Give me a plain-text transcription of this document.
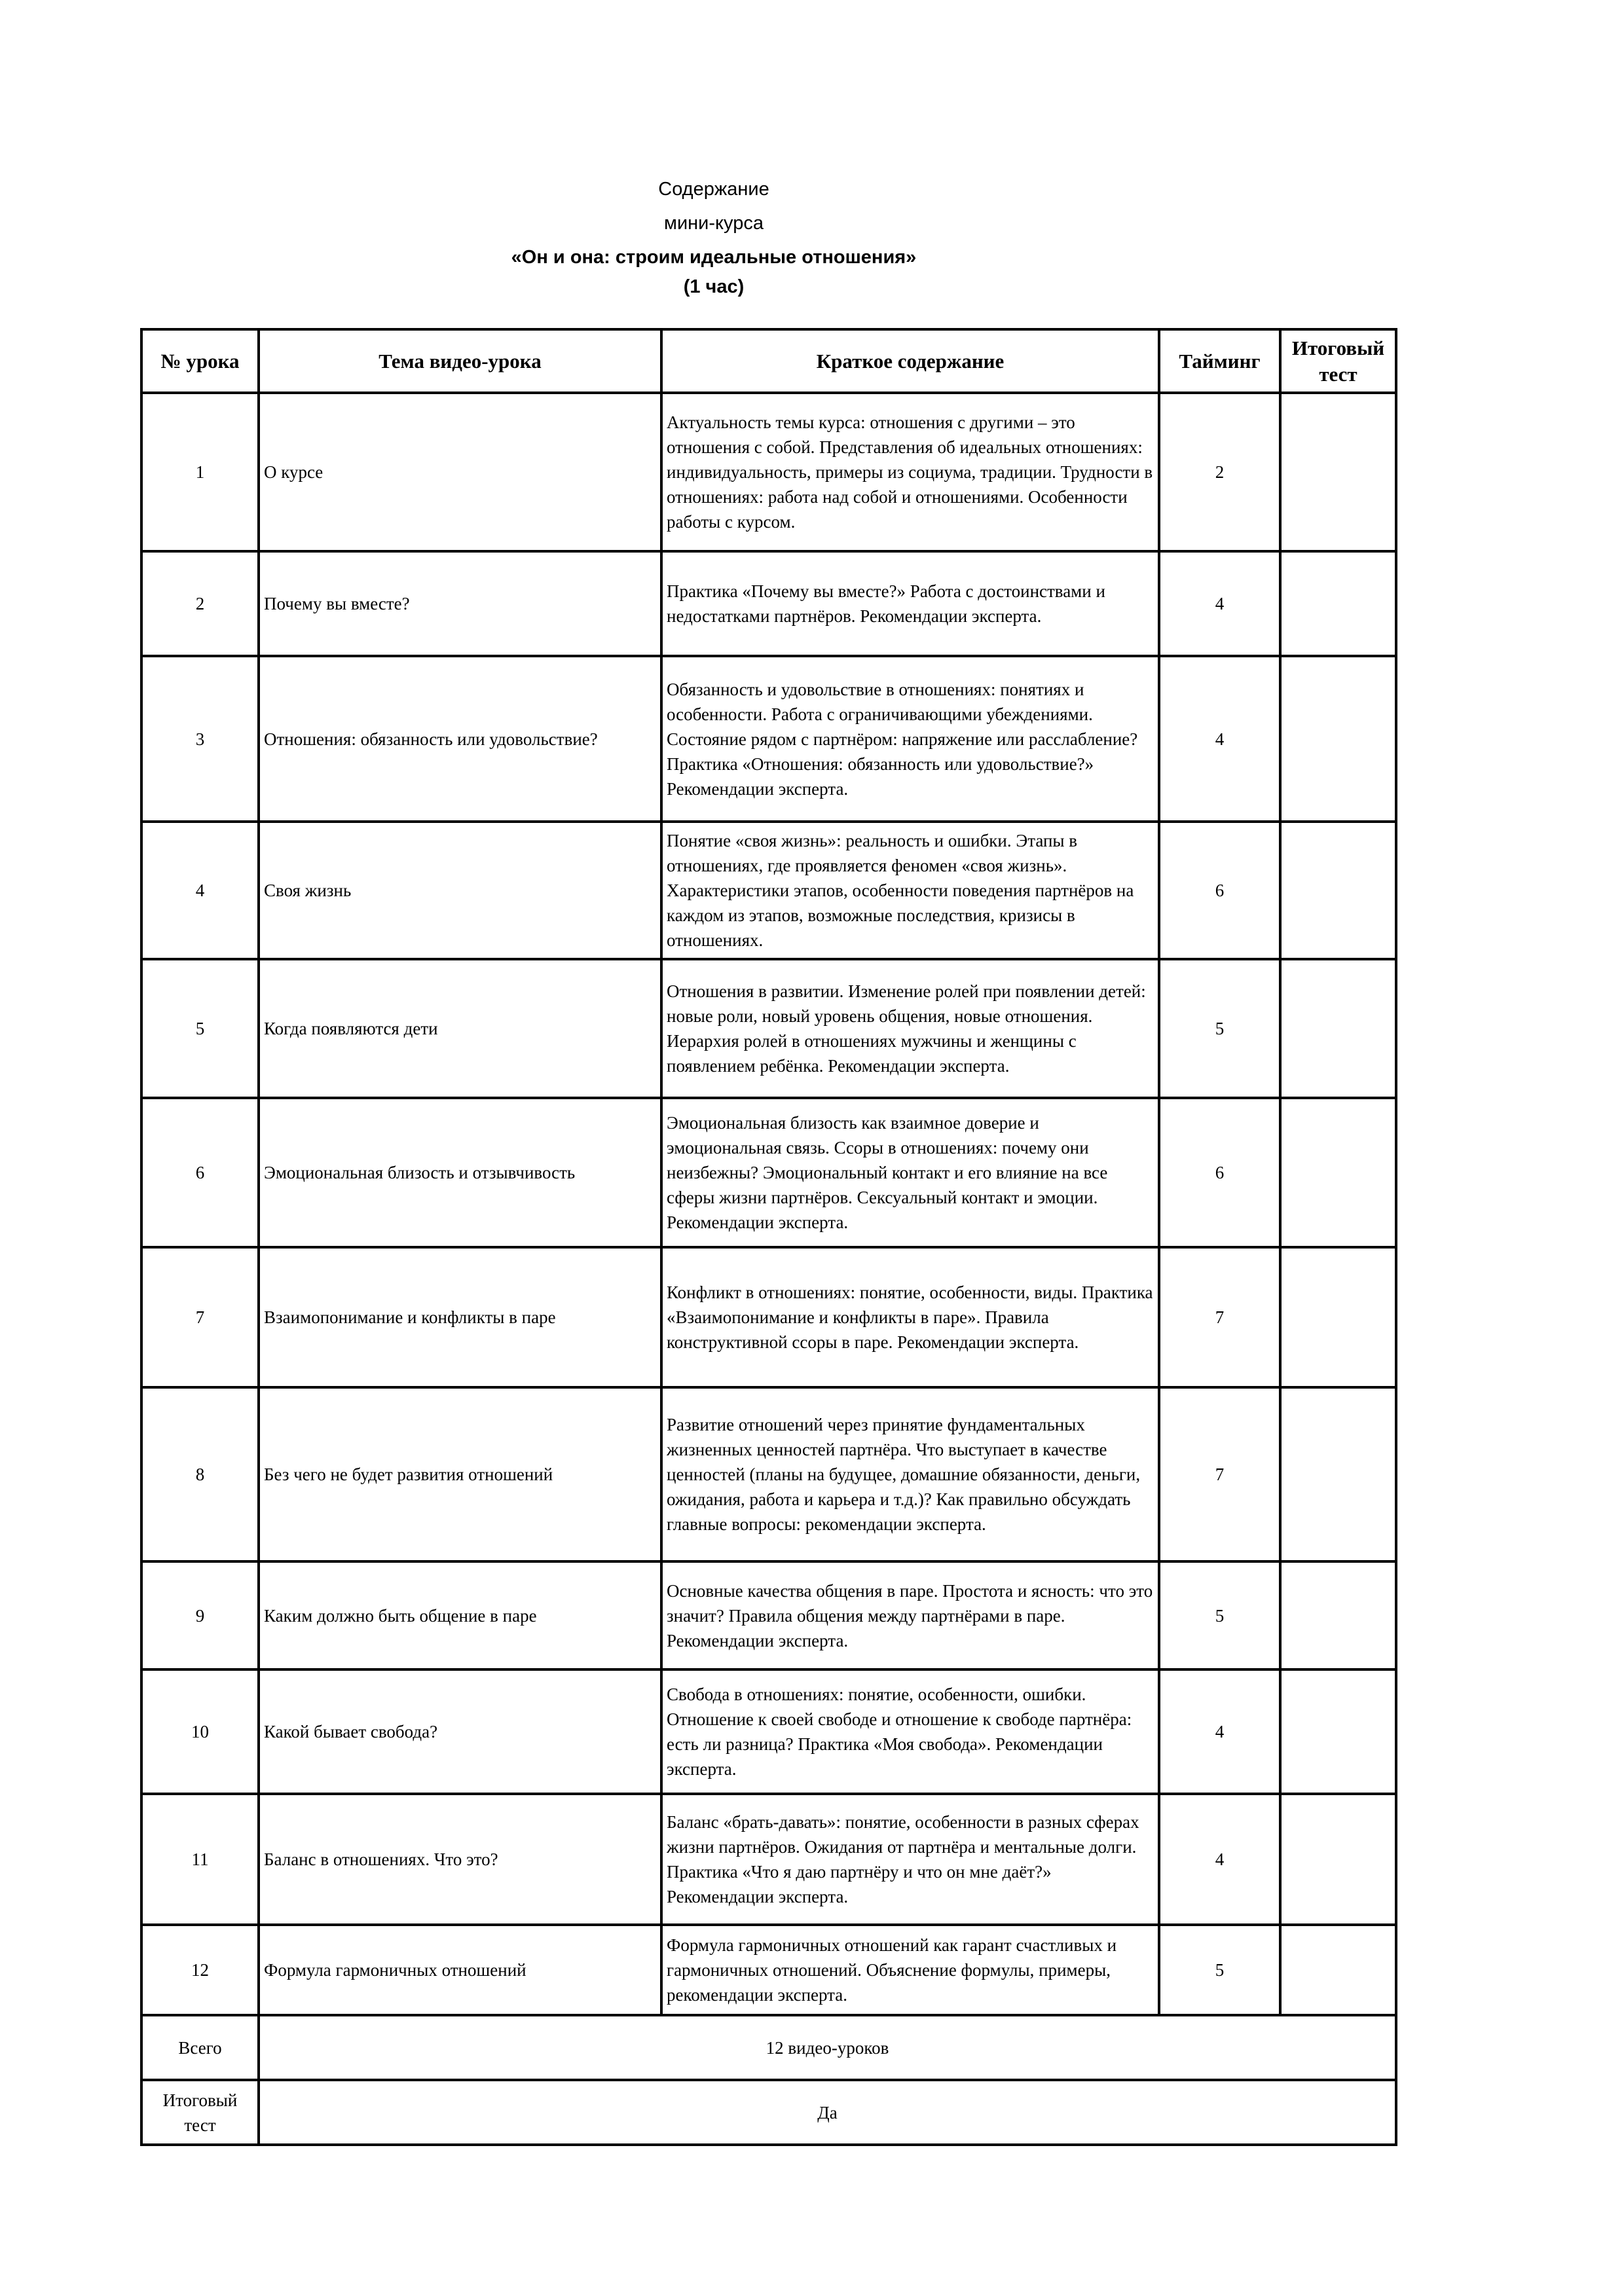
Содержание
мини-курса
«Он и она: строим идеальные отношения»
(1 час)
№ урока	Тема видео-урока	Краткое содержание	Тайминг	Итоговый тест
1	О курсе	Актуальность темы курса: отношения с другими – это отношения с собой. Представления об идеальных отношениях: индивидуальность, примеры из социума, традиции. Трудности в отношениях: работа над собой и отношениями. Особенности работы с курсом.	2	
2	Почему вы вместе?	Практика «Почему вы вместе?» Работа с достоинствами и недостатками партнёров. Рекомендации эксперта.	4	
3	Отношения: обязанность или удовольствие?	Обязанность и удовольствие в отношениях: понятиях и особенности. Работа с ограничивающими убеждениями. Состояние рядом с партнёром: напряжение или расслабление? Практика «Отношения: обязанность или удовольствие?» Рекомендации эксперта.	4	
4	Своя жизнь	Понятие «своя жизнь»: реальность и ошибки. Этапы в отношениях, где проявляется феномен «своя жизнь». Характеристики этапов, особенности поведения партнёров на каждом из этапов, возможные последствия, кризисы в отношениях.	6	
5	Когда появляются дети	Отношения в развитии. Изменение ролей при появлении детей: новые роли, новый уровень общения, новые отношения. Иерархия ролей в отношениях мужчины и женщины с появлением ребёнка. Рекомендации эксперта.	5	
6	Эмоциональная близость и отзывчивость	Эмоциональная близость как взаимное доверие и эмоциональная связь. Ссоры в отношениях: почему они неизбежны? Эмоциональный контакт и его влияние на все сферы жизни партнёров. Сексуальный контакт и эмоции. Рекомендации эксперта.	6	
7	Взаимопонимание и конфликты в паре	Конфликт в отношениях: понятие, особенности, виды. Практика «Взаимопонимание и конфликты в паре». Правила конструктивной ссоры в паре. Рекомендации эксперта.	7	
8	Без чего не будет развития отношений	Развитие отношений через принятие фундаментальных жизненных ценностей партнёра. Что выступает в качестве ценностей (планы на будущее, домашние обязанности, деньги, ожидания, работа и карьера и т.д.)? Как правильно обсуждать главные вопросы: рекомендации эксперта.	7	
9	Каким должно быть общение в паре	Основные качества общения в паре. Простота и ясность: что это значит? Правила общения между партнёрами в паре. Рекомендации эксперта.	5	
10	Какой бывает свобода?	Свобода в отношениях: понятие, особенности, ошибки. Отношение к своей свободе и отношение к свободе партнёра: есть ли разница? Практика «Моя свобода». Рекомендации эксперта.	4	
11	Баланс в отношениях. Что это?	Баланс «брать-давать»: понятие, особенности в разных сферах жизни партнёров. Ожидания от партнёра и ментальные долги. Практика «Что я даю партнёру и что он мне даёт?» Рекомендации эксперта.	4	
12	Формула гармоничных отношений	Формула гармоничных отношений как гарант счастливых и гармоничных отношений. Объяснение формулы, примеры, рекомендации эксперта.	5	
Всего	12 видео-уроков			
Итоговый тест	Да			
